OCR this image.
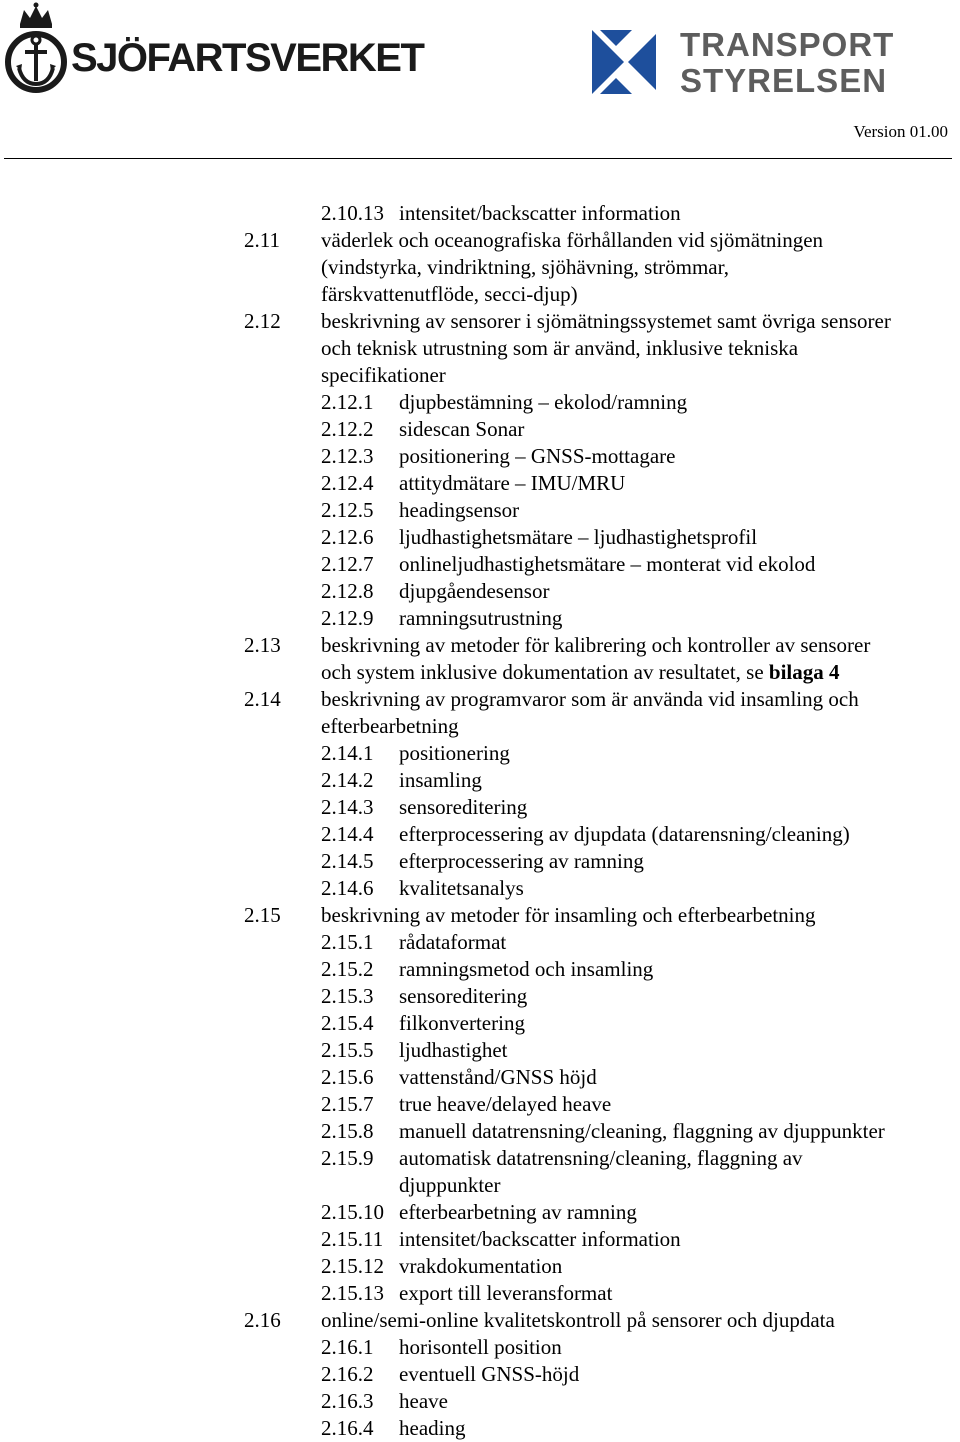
SJÖFARTSVERKET	TRANSPORT
STYRELSEN
Version 01.00
2.10.13 intensitet/backscatter information
2.11 väderlek och oceanografiska förhållanden vid sjömätningen
(vindstyrka, vindriktning, sjöhävning, strömmar,
färskvattenutflöde, secci-djup)
2.12 beskrivning av sensorer i sjömätningssystemet samt övriga sensorer
och teknisk utrustning som är använd, inklusive tekniska
specifikationer
2.12.1 djupbestämning – ekolod/ramning
2.12.2 sidescan Sonar
2.12.3 positionering – GNSS-mottagare
2.12.4 attitydmätare – IMU/MRU
2.12.5 headingsensor
2.12.6 ljudhastighetsmätare – ljudhastighetsprofil
2.12.7 onlineljudhastighetsmätare – monterat vid ekolod
2.12.8 djupgåendesensor
2.12.9 ramningsutrustning
2.13 beskrivning av metoder för kalibrering och kontroller av sensorer
och system inklusive dokumentation av resultatet, se bilaga 4
2.14 beskrivning av programvaror som är använda vid insamling och
efterbearbetning
2.14.1 positionering
2.14.2 insamling
2.14.3 sensoreditering
2.14.4 efterprocessering av djupdata (datarensning/cleaning)
2.14.5 efterprocessering av ramning
2.14.6 kvalitetsanalys
2.15 beskrivning av metoder för insamling och efterbearbetning
2.15.1 rådataformat
2.15.2 ramningsmetod och insamling
2.15.3 sensoreditering
2.15.4 filkonvertering
2.15.5 ljudhastighet
2.15.6 vattenstånd/GNSS höjd
2.15.7 true heave/delayed heave
2.15.8 manuell datatrensning/cleaning, flaggning av djuppunkter
2.15.9 automatisk datatrensning/cleaning, flaggning av
djuppunkter
2.15.10 efterbearbetning av ramning
2.15.11 intensitet/backscatter information
2.15.12 vrakdokumentation
2.15.13 export till leveransformat
2.16 online/semi-online kvalitetskontroll på sensorer och djupdata
2.16.1 horisontell position
2.16.2 eventuell GNSS-höjd
2.16.3 heave
2.16.4 heading
